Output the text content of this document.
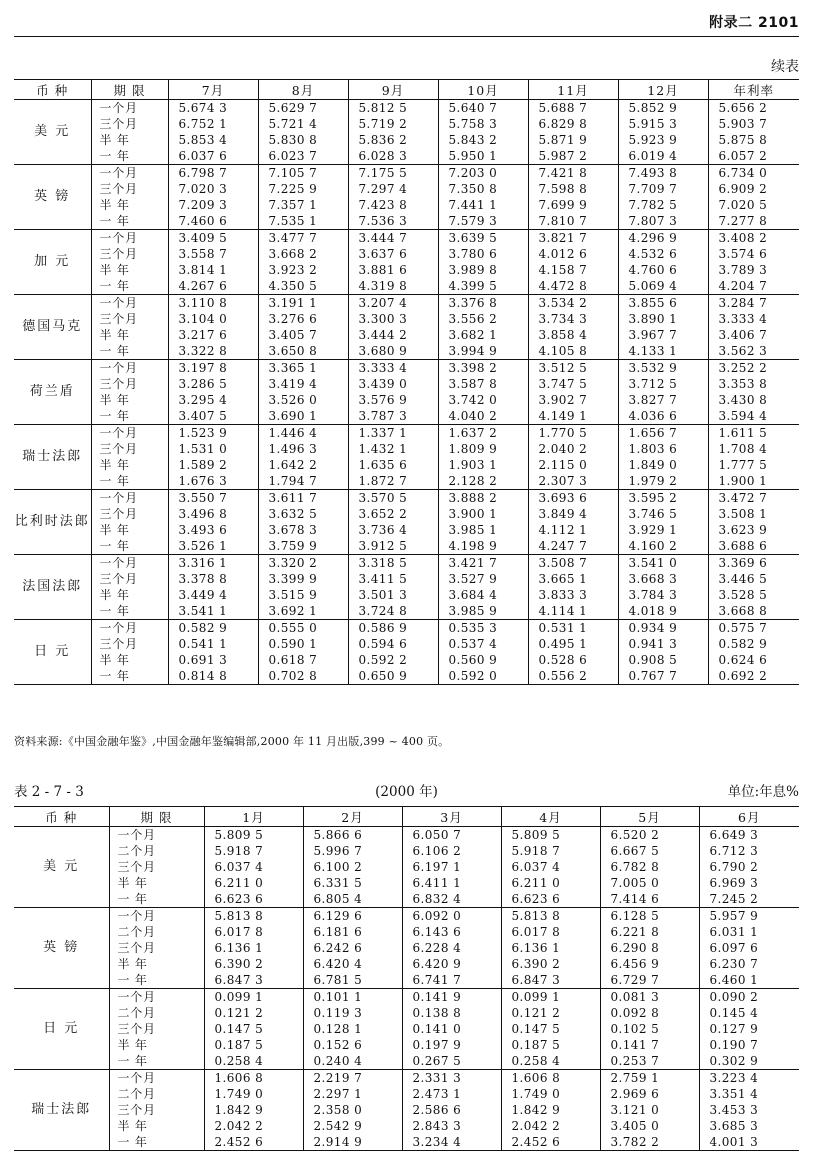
附录二 2101
续表
币 种	期 限	7月	8月	9月	10月	11月	12月	年利率
美 元	一个月	5.674 3	5.629 7	5.812 5	5.640 7	5.688 7	5.852 9	5.656 2
	三个月	6.752 1	5.721 4	5.719 2	5.758 3	6.829 8	5.915 3	5.903 7
	半 年	5.853 4	5.830 8	5.836 2	5.843 2	5.871 9	5.923 9	5.875 8
	一 年	6.037 6	6.023 7	6.028 3	5.950 1	5.987 2	6.019 4	6.057 2
英 镑	一个月	6.798 7	7.105 7	7.175 5	7.203 0	7.421 8	7.493 8	6.734 0
	三个月	7.020 3	7.225 9	7.297 4	7.350 8	7.598 8	7.709 7	6.909 2
	半 年	7.209 3	7.357 1	7.423 8	7.441 1	7.699 9	7.782 5	7.020 5
	一 年	7.460 6	7.535 1	7.536 3	7.579 3	7.810 7	7.807 3	7.277 8
加 元	一个月	3.409 5	3.477 7	3.444 7	3.639 5	3.821 7	4.296 9	3.408 2
	三个月	3.558 7	3.668 2	3.637 6	3.780 6	4.012 6	4.532 6	3.574 6
	半 年	3.814 1	3.923 2	3.881 6	3.989 8	4.158 7	4.760 6	3.789 3
	一 年	4.267 6	4.350 5	4.319 8	4.399 5	4.472 8	5.069 4	4.204 7
德国马克	一个月	3.110 8	3.191 1	3.207 4	3.376 8	3.534 2	3.855 6	3.284 7
	三个月	3.104 0	3.276 6	3.300 3	3.556 2	3.734 3	3.890 1	3.333 4
	半 年	3.217 6	3.405 7	3.444 2	3.682 1	3.858 4	3.967 7	3.406 7
	一 年	3.322 8	3.650 8	3.680 9	3.994 9	4.105 8	4.133 1	3.562 3
荷兰盾	一个月	3.197 8	3.365 1	3.333 4	3.398 2	3.512 5	3.532 9	3.252 2
	三个月	3.286 5	3.419 4	3.439 0	3.587 8	3.747 5	3.712 5	3.353 8
	半 年	3.295 4	3.526 0	3.576 9	3.742 0	3.902 7	3.827 7	3.430 8
	一 年	3.407 5	3.690 1	3.787 3	4.040 2	4.149 1	4.036 6	3.594 4
瑞士法郎	一个月	1.523 9	1.446 4	1.337 1	1.637 2	1.770 5	1.656 7	1.611 5
	三个月	1.531 0	1.496 3	1.432 1	1.809 9	2.040 2	1.803 6	1.708 4
	半 年	1.589 2	1.642 2	1.635 6	1.903 1	2.115 0	1.849 0	1.777 5
	一 年	1.676 3	1.794 7	1.872 7	2.128 2	2.307 3	1.979 2	1.900 1
比利时法郎	一个月	3.550 7	3.611 7	3.570 5	3.888 2	3.693 6	3.595 2	3.472 7
	三个月	3.496 8	3.632 5	3.652 2	3.900 1	3.849 4	3.746 5	3.508 1
	半 年	3.493 6	3.678 3	3.736 4	3.985 1	4.112 1	3.929 1	3.623 9
	一 年	3.526 1	3.759 9	3.912 5	4.198 9	4.247 7	4.160 2	3.688 6
法国法郎	一个月	3.316 1	3.320 2	3.318 5	3.421 7	3.508 7	3.541 0	3.369 6
	三个月	3.378 8	3.399 9	3.411 5	3.527 9	3.665 1	3.668 3	3.446 5
	半 年	3.449 4	3.515 9	3.501 3	3.684 4	3.833 3	3.784 3	3.528 5
	一 年	3.541 1	3.692 1	3.724 8	3.985 9	4.114 1	4.018 9	3.668 8
日 元	一个月	0.582 9	0.555 0	0.586 9	0.535 3	0.531 1	0.934 9	0.575 7
	三个月	0.541 1	0.590 1	0.594 6	0.537 4	0.495 1	0.941 3	0.582 9
	半 年	0.691 3	0.618 7	0.592 2	0.560 9	0.528 6	0.908 5	0.624 6
	一 年	0.814 8	0.702 8	0.650 9	0.592 0	0.556 2	0.767 7	0.692 2
资料来源:《中国金融年鉴》,中国金融年鉴编辑部,2000 年 11 月出版,399 ~ 400 页。
表 2 - 7 - 3	(2000 年)	单位:年息%
币 种	期 限	1月	2月	3月	4月	5月	6月
美 元	一个月	5.809 5	5.866 6	6.050 7	5.809 5	6.520 2	6.649 3
	二个月	5.918 7	5.996 7	6.106 2	5.918 7	6.667 5	6.712 3
	三个月	6.037 4	6.100 2	6.197 1	6.037 4	6.782 8	6.790 2
	半 年	6.211 0	6.331 5	6.411 1	6.211 0	7.005 0	6.969 3
	一 年	6.623 6	6.805 4	6.832 4	6.623 6	7.414 6	7.245 2
英 镑	一个月	5.813 8	6.129 6	6.092 0	5.813 8	6.128 5	5.957 9
	二个月	6.017 8	6.181 6	6.143 6	6.017 8	6.221 8	6.031 1
	三个月	6.136 1	6.242 6	6.228 4	6.136 1	6.290 8	6.097 6
	半 年	6.390 2	6.420 4	6.420 9	6.390 2	6.456 9	6.230 7
	一 年	6.847 3	6.781 5	6.741 7	6.847 3	6.729 7	6.460 1
日 元	一个月	0.099 1	0.101 1	0.141 9	0.099 1	0.081 3	0.090 2
	二个月	0.121 2	0.119 3	0.138 8	0.121 2	0.092 8	0.145 4
	三个月	0.147 5	0.128 1	0.141 0	0.147 5	0.102 5	0.127 9
	半 年	0.187 5	0.152 6	0.197 9	0.187 5	0.141 7	0.190 7
	一 年	0.258 4	0.240 4	0.267 5	0.258 4	0.253 7	0.302 9
瑞士法郎	一个月	1.606 8	2.219 7	2.331 3	1.606 8	2.759 1	3.223 4
	二个月	1.749 0	2.297 1	2.473 1	1.749 0	2.969 6	3.351 4
	三个月	1.842 9	2.358 0	2.586 6	1.842 9	3.121 0	3.453 3
	半 年	2.042 2	2.542 9	2.843 3	2.042 2	3.405 0	3.685 3
	一 年	2.452 6	2.914 9	3.234 4	2.452 6	3.782 2	4.001 3
